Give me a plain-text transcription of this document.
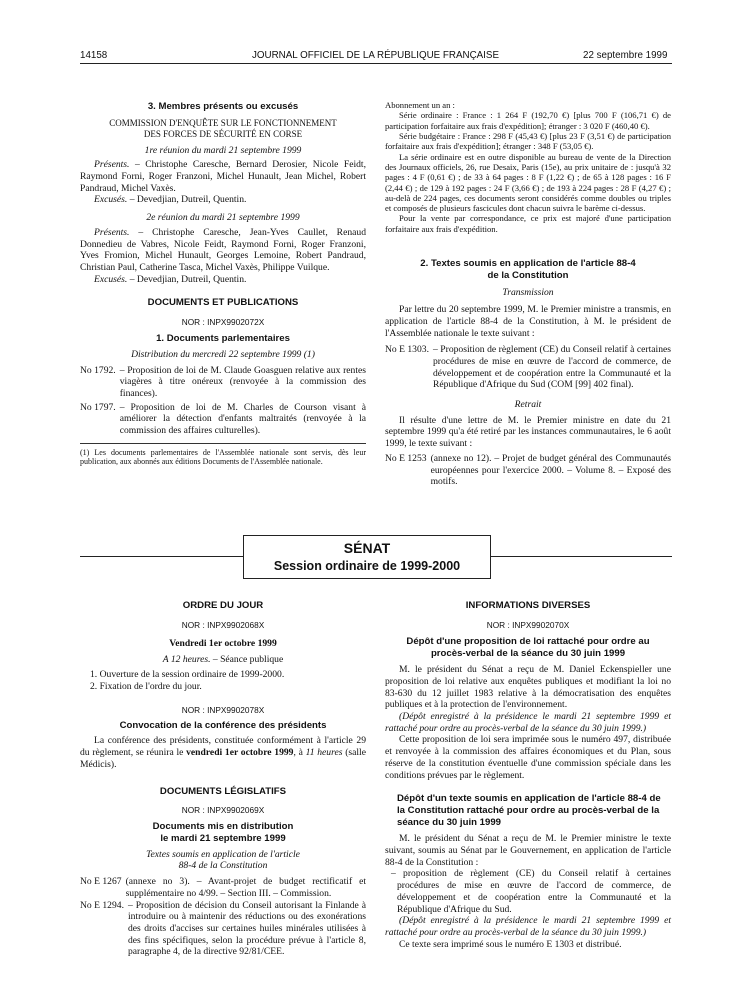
14158	JOURNAL OFFICIEL DE LA RÉPUBLIQUE FRANÇAISE	22 septembre 1999
3. Membres présents ou excusés
COMMISSION D'ENQUÊTE SUR LE FONCTIONNEMENT DES FORCES DE SÉCURITÉ EN CORSE
1re réunion du mardi 21 septembre 1999

Présents. – Christophe Caresche, Bernard Derosier, Nicole Feidt, Raymond Forni, Roger Franzoni, Michel Hunault, Jean Michel, Robert Pandraud, Michel Vaxès.

Excusés. – Devedjian, Dutreil, Quentin.

2e réunion du mardi 21 septembre 1999

Présents. – Christophe Caresche, Jean-Yves Caullet, Renaud Donnedieu de Vabres, Nicole Feidt, Raymond Forni, Roger Franzoni, Yves Fromion, Michel Hunault, Georges Lemoine, Robert Pandraud, Christian Paul, Catherine Tasca, Michel Vaxès, Philippe Vuilque.

Excusés. – Devedjian, Dutreil, Quentin.

DOCUMENTS ET PUBLICATIONS
NOR : INPX9902072X
1. Documents parlementaires
Distribution du mercredi 22 septembre 1999 (1)
No 1792. – Proposition de loi de M. Claude Goasguen relative aux rentes viagères à titre onéreux (renvoyée à la commission des finances).
No 1797. – Proposition de loi de M. Charles de Courson visant à améliorer la détection d'enfants maltraités (renvoyée à la commission des affaires culturelles).
(1) Les documents parlementaires de l'Assemblée nationale sont servis, dès leur publication, aux abonnés aux éditions Documents de l'Assemblée nationale.

Abonnement un an :

Série ordinaire : France : 1 264 F (192,70 €) [plus 700 F (106,71 €) de participation forfaitaire aux frais d'expédition]; étranger : 3 020 F (460,40 €).

Série budgétaire : France : 298 F (45,43 €) [plus 23 F (3,51 €) de participation forfaitaire aux frais d'expédition]; étranger : 348 F (53,05 €).

La série ordinaire est en outre disponible au bureau de vente de la Direction des Journaux officiels, 26, rue Desaix, Paris (15e), au prix unitaire de : jusqu'à 32 pages : 4 F (0,61 €) ; de 33 à 64 pages : 8 F (1,22 €) ; de 65 à 128 pages : 16 F (2,44 €) ; de 129 à 192 pages : 24 F (3,66 €) ; de 193 à 224 pages : 28 F (4,27 €) ; au-delà de 224 pages, ces documents seront considérés comme doubles ou triples et composés de plusieurs fascicules dont chacun suivra le barème ci-dessus.

Pour la vente par correspondance, ce prix est majoré d'une participation forfaitaire aux frais d'expédition.

2. Textes soumis en application de l'article 88-4 de la Constitution
Transmission

Par lettre du 20 septembre 1999, M. le Premier ministre a transmis, en application de l'article 88-4 de la Constitution, à M. le président de l'Assemblée nationale le texte suivant :

No E 1303. – Proposition de règlement (CE) du Conseil relatif à certaines procédures de mise en œuvre de l'accord de commerce, de développement et de coopération entre la Communauté et la République d'Afrique du Sud (COM [99] 402 final).
Retrait

Il résulte d'une lettre de M. le Premier ministre en date du 21 septembre 1999 qu'a été retiré par les instances communautaires, le 6 août 1999, le texte suivant :

No E 1253 (annexe no 12). – Projet de budget général des Communautés européennes pour l'exercice 2000. – Volume 8. – Exposé des motifs.
SÉNAT
Session ordinaire de 1999-2000
ORDRE DU JOUR
NOR : INPX9902068X
Vendredi 1er octobre 1999
A 12 heures. – Séance publique

1. Ouverture de la session ordinaire de 1999-2000.

2. Fixation de l'ordre du jour.

NOR : INPX9902078X
Convocation de la conférence des présidents

La conférence des présidents, constituée conformément à l'article 29 du règlement, se réunira le vendredi 1er octobre 1999, à 11 heures (salle Médicis).

DOCUMENTS LÉGISLATIFS
NOR : INPX9902069X
Documents mis en distribution le mardi 21 septembre 1999
Textes soumis en application de l'article 88-4 de la Constitution
No E 1267 (annexe no 3). – Avant-projet de budget rectificatif et supplémentaire no 4/99. – Section III. – Commission.
No E 1294. – Proposition de décision du Conseil autorisant la Finlande à introduire ou à maintenir des réductions ou des exonérations des droits d'accises sur certaines huiles minérales utilisées à des fins spécifiques, selon la procédure prévue à l'article 8, paragraphe 4, de la directive 92/81/CEE.
INFORMATIONS DIVERSES
NOR : INPX9902070X
Dépôt d'une proposition de loi rattaché pour ordre au procès-verbal de la séance du 30 juin 1999

M. le président du Sénat a reçu de M. Daniel Eckenspieller une proposition de loi relative aux enquêtes publiques et modifiant la loi no 83-630 du 12 juillet 1983 relative à la démocratisation des enquêtes publiques et à la protection de l'environnement.

(Dépôt enregistré à la présidence le mardi 21 septembre 1999 et rattaché pour ordre au procès-verbal de la séance du 30 juin 1999.)

Cette proposition de loi sera imprimée sous le numéro 497, distribuée et renvoyée à la commission des affaires économiques et du Plan, sous réserve de la constitution éventuelle d'une commission spéciale dans les conditions prévues par le règlement.

Dépôt d'un texte soumis en application de l'article 88-4 de la Constitution rattaché pour ordre au procès-verbal de la séance du 30 juin 1999

M. le président du Sénat a reçu de M. le Premier ministre le texte suivant, soumis au Sénat par le Gouvernement, en application de l'article 88-4 de la Constitution :

– proposition de règlement (CE) du Conseil relatif à certaines procédures de mise en œuvre de l'accord de commerce, de développement et de coopération entre la Communauté et la République d'Afrique du Sud.

(Dépôt enregistré à la présidence le mardi 21 septembre 1999 et rattaché pour ordre au procès-verbal de la séance du 30 juin 1999.)

Ce texte sera imprimé sous le numéro E 1303 et distribué.
